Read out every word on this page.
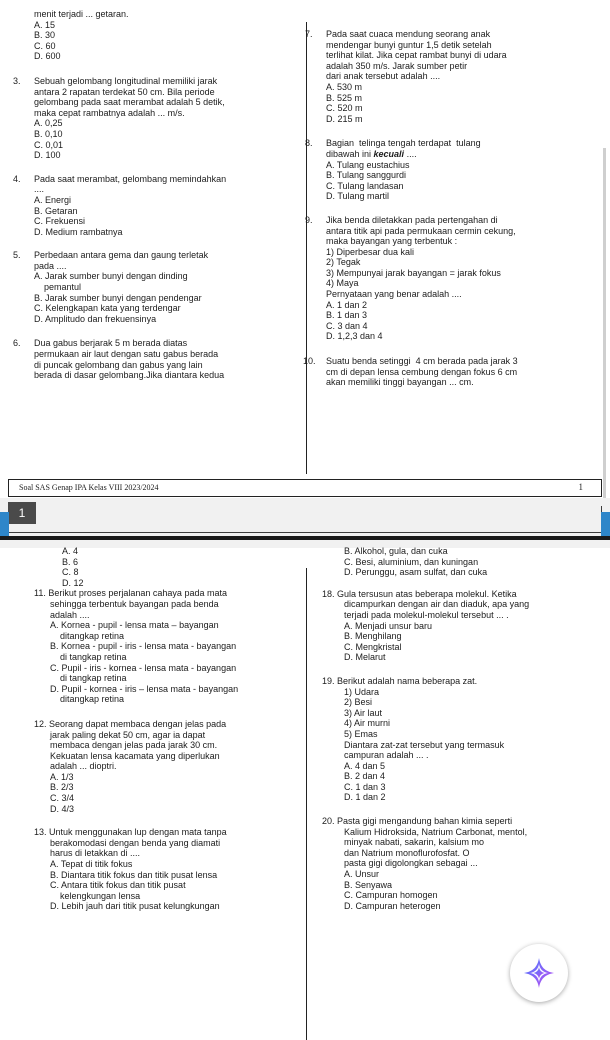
menit terjadi ... getaran.
A. 15
B. 30
C. 60
D. 600
3. Sebuah gelombang longitudinal memiliki jarak
antara 2 rapatan terdekat 50 cm. Bila periode
gelombang pada saat merambat adalah 5 detik,
maka cepat rambatnya adalah ... m/s.
A. 0,25
B. 0,10
C. 0,01
D. 100
4. Pada saat merambat, gelombang memindahkan
....
A. Energi
B. Getaran
C. Frekuensi
D. Medium rambatnya
5. Perbedaan antara gema dan gaung terletak
pada ....
A. Jarak sumber bunyi dengan dinding
pemantul
B. Jarak sumber bunyi dengan pendengar
C. Kelengkapan kata yang terdengar
D. Amplitudo dan frekuensinya
6. Dua gabus berjarak 5 m berada diatas
permukaan air laut dengan satu gabus berada
di puncak gelombang dan gabus yang lain
berada di dasar gelombang.Jika diantara kedua
7. Pada saat cuaca mendung seorang anak
mendengar bunyi guntur 1,5 detik setelah
terlihat kilat. Jika cepat rambat bunyi di udara
adalah 350 m/s. Jarak sumber petir
dari anak tersebut adalah ....
A. 530 m
B. 525 m
C. 520 m
D. 215 m
8. Bagian  telinga tengah terdapat  tulang
dibawah ini kecuali ....
A. Tulang eustachius
B. Tulang sanggurdi
C. Tulang landasan
D. Tulang martil
9. Jika benda diletakkan pada pertengahan di
antara titik api pada permukaan cermin cekung,
maka bayangan yang terbentuk :
1) Diperbesar dua kali
2) Tegak
3) Mempunyai jarak bayangan = jarak fokus
4) Maya
Pernyataan yang benar adalah ....
A. 1 dan 2
B. 1 dan 3
C. 3 dan 4
D. 1,2,3 dan 4
10. Suatu benda setinggi  4 cm berada pada jarak 3
cm di depan lensa cembung dengan fokus 6 cm
akan memiliki tinggi bayangan ... cm.
Soal SAS Genap IPA Kelas VIII 2023/2024	1
1
A. 4
B. 6
C. 8
D. 12
11. Berikut proses perjalanan cahaya pada mata
sehingga terbentuk bayangan pada benda
adalah ....
A. Kornea - pupil - lensa mata – bayangan
ditangkap retina
B. Kornea - pupil - iris - lensa mata - bayangan
di tangkap retina
C. Pupil - iris - kornea - lensa mata - bayangan
di tangkap retina
D. Pupil - kornea - iris – lensa mata - bayangan
ditangkap retina
12. Seorang dapat membaca dengan jelas pada
jarak paling dekat 50 cm, agar ia dapat
membaca dengan jelas pada jarak 30 cm.
Kekuatan lensa kacamata yang diperlukan
adalah ... dioptri.
A. 1/3
B. 2/3
C. 3/4
D. 4/3
13. Untuk menggunakan lup dengan mata tanpa
berakomodasi dengan benda yang diamati
harus di letakkan di ....
A. Tepat di titik fokus
B. Diantara titik fokus dan titik pusat lensa
C. Antara titik fokus dan titik pusat
kelengkungan lensa
D. Lebih jauh dari titik pusat kelungkungan
B. Alkohol, gula, dan cuka
C. Besi, aluminium, dan kuningan
D. Perunggu, asam sulfat, dan cuka
18. Gula tersusun atas beberapa molekul. Ketika
dicampurkan dengan air dan diaduk, apa yang
terjadi pada molekul-molekul tersebut ... .
A. Menjadi unsur baru
B. Menghilang
C. Mengkristal
D. Melarut
19. Berikut adalah nama beberapa zat.
1) Udara
2) Besi
3) Air laut
4) Air murni
5) Emas
Diantara zat-zat tersebut yang termasuk
campuran adalah ... .
A. 4 dan 5
B. 2 dan 4
C. 1 dan 3
D. 1 dan 2
20. Pasta gigi mengandung bahan kimia seperti
Kalium Hidroksida, Natrium Carbonat, mentol,
minyak nabati, sakarin, kalsium mo
dan Natrium monoflurofosfat. O
pasta gigi digolongkan sebagai ...
A. Unsur
B. Senyawa
C. Campuran homogen
D. Campuran heterogen
